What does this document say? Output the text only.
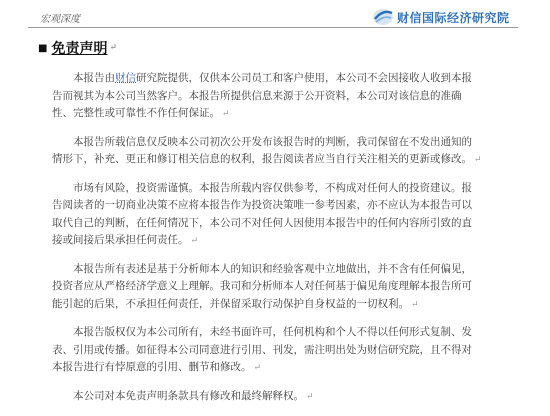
宏观深度	财信国际经济研究院
■ 免责声明 ↵

本报告由财信研究院提供，仅供本公司员工和客户使用，本公司不会因接收人收到本报告而视其为本公司当然客户。本报告所提供信息来源于公开资料，本公司对该信息的准确性、完整性或可靠性不作任何保证。 ↵

本报告所载信息仅反映本公司初次公开发布该报告时的判断，我司保留在不发出通知的情形下，补充、更正和修订相关信息的权利，报告阅读者应当自行关注相关的更新或修改。 ↵

市场有风险，投资需谨慎。本报告所载内容仅供参考，不构成对任何人的投资建议。报告阅读者的一切商业决策不应将本报告作为投资决策唯一参考因素，亦不应认为本报告可以取代自己的判断，在任何情况下，本公司不对任何人因使用本报告中的任何内容所引致的直接或间接后果承担任何责任。 ↵

本报告所有表述是基于分析师本人的知识和经验客观中立地做出，并不含有任何偏见，投资者应从严格经济学意义上理解。我司和分析师本人对任何基于偏见角度理解本报告所可能引起的后果，不承担任何责任，并保留采取行动保护自身权益的一切权利。 ↵

本报告版权仅为本公司所有，未经书面许可，任何机构和个人不得以任何形式复制、发表、引用或传播。如征得本公司同意进行引用、刊发，需注明出处为财信研究院，且不得对本报告进行有悖原意的引用、删节和修改。 ↵

本公司对本免责声明条款具有修改和最终解释权。 ↵
